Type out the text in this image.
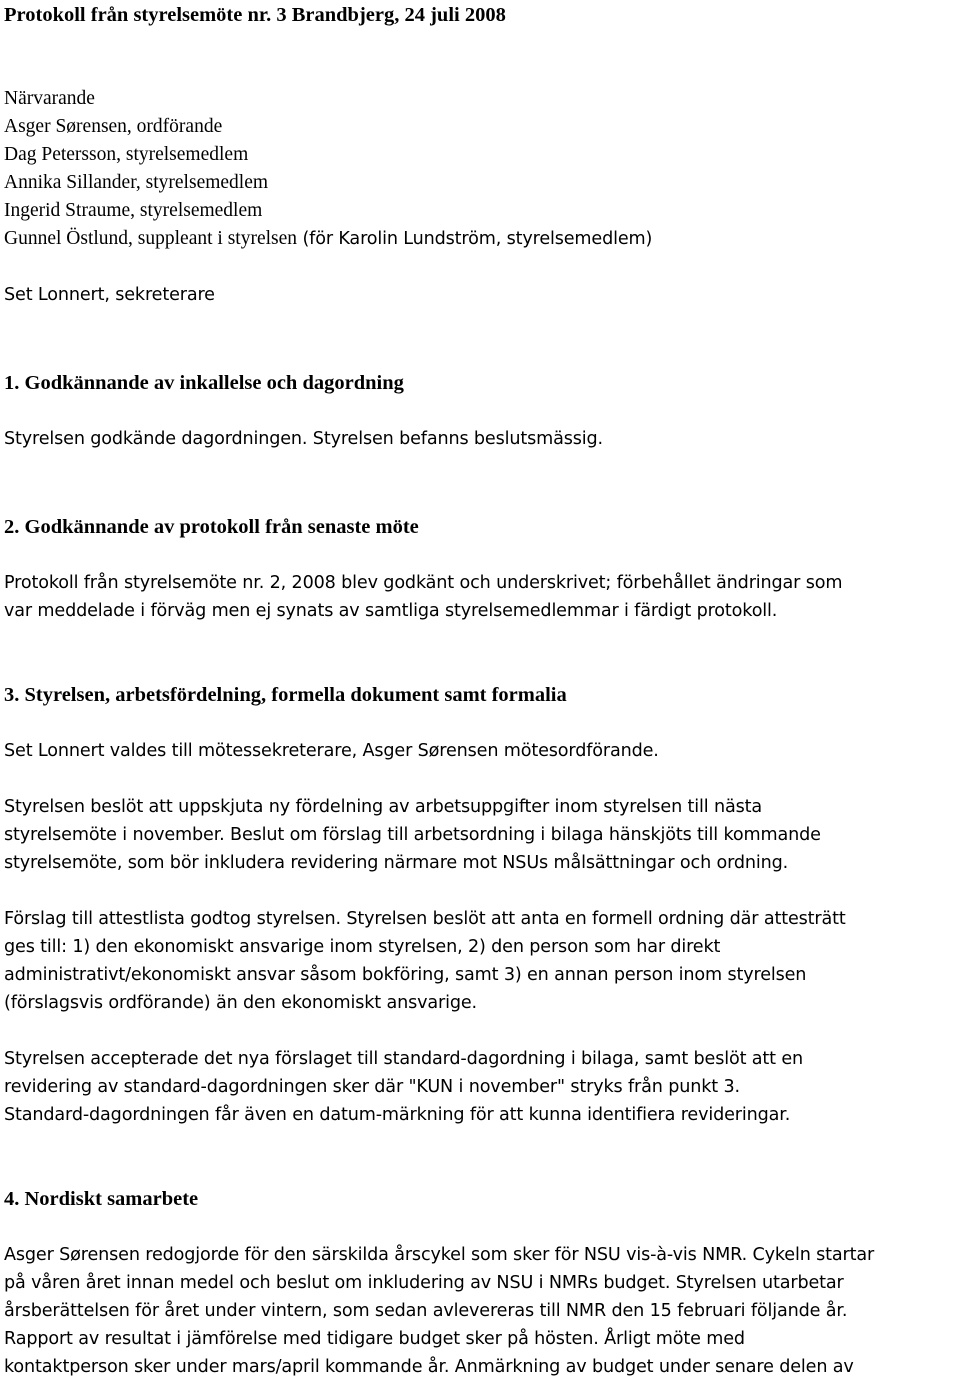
Protokoll från styrelsemöte nr. 3 Brandbjerg, 24 juli 2008

Närvarande

Asger Sørensen, ordförande

Dag Petersson, styrelsemedlem

Annika Sillander, styrelsemedlem

Ingerid Straume, styrelsemedlem

Gunnel Östlund, suppleant i styrelsen (för Karolin Lundström, styrelsemedlem)

Set Lonnert, sekreterare

1. Godkännande av inkallelse och dagordning

Styrelsen godkände dagordningen. Styrelsen befanns beslutsmässig.

2. Godkännande av protokoll från senaste möte

Protokoll från styrelsemöte nr. 2, 2008 blev godkänt och underskrivet; förbehållet ändringar som

var meddelade i förväg men ej synats av samtliga styrelsemedlemmar i färdigt protokoll.

3. Styrelsen, arbetsfördelning, formella dokument samt formalia

Set Lonnert valdes till mötessekreterare, Asger Sørensen mötesordförande.

Styrelsen beslöt att uppskjuta ny fördelning av arbetsuppgifter inom styrelsen till nästa

styrelsemöte i november. Beslut om förslag till arbetsordning i bilaga hänskjöts till kommande

styrelsemöte, som bör inkludera revidering närmare mot NSUs målsättningar och ordning.

Förslag till attestlista godtog styrelsen. Styrelsen beslöt att anta en formell ordning där attesträtt

ges till: 1) den ekonomiskt ansvarige inom styrelsen, 2) den person som har direkt

administrativt/ekonomiskt ansvar såsom bokföring, samt 3) en annan person inom styrelsen

(förslagsvis ordförande) än den ekonomiskt ansvarige.

Styrelsen accepterade det nya förslaget till standard-dagordning i bilaga, samt beslöt att en

revidering av standard-dagordningen sker där "KUN i november" stryks från punkt 3.

Standard-dagordningen får även en datum-märkning för att kunna identifiera revideringar.

4. Nordiskt samarbete

Asger Sørensen redogjorde för den särskilda årscykel som sker för NSU vis-à-vis NMR. Cykeln startar

på våren året innan medel och beslut om inkludering av NSU i NMRs budget. Styrelsen utarbetar

årsberättelsen för året under vintern, som sedan avlevereras till NMR den 15 februari följande år.

Rapport av resultat i jämförelse med tidigare budget sker på hösten. Årligt möte med

kontaktperson sker under mars/april kommande år. Anmärkning av budget under senare delen av
